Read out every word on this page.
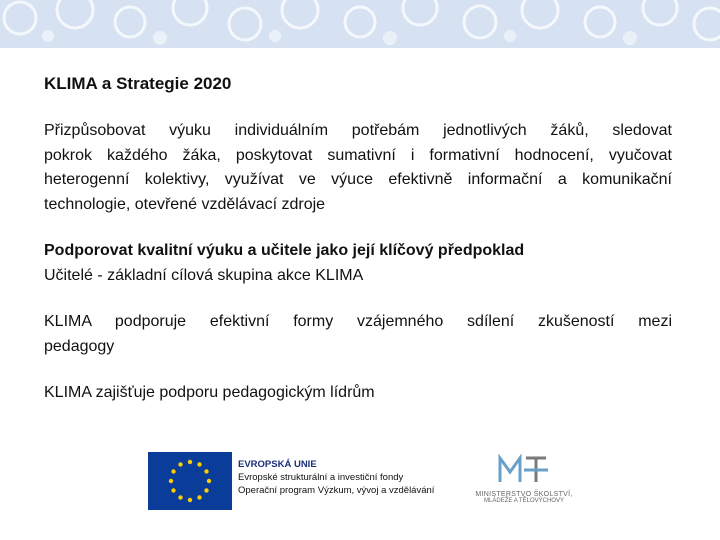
KLIMA a Strategie 2020
Přizpůsobovat výuku individuálním potřebám jednotlivých žáků, sledovat
pokrok každého žáka, poskytovat sumativní i formativní hodnocení, vyučovat
heterogenní kolektivy, využívat ve výuce efektivně informační a komunikační
technologie, otevřené vzdělávací zdroje
Podporovat kvalitní výuku a učitele jako její klíčový předpoklad
Učitelé - základní cílová skupina akce KLIMA
KLIMA podporuje efektivní formy vzájemného sdílení zkušeností mezi
pedagogy
KLIMA zajišťuje podporu pedagogickým lídrům
EVROPSKÁ UNIE
Evropské strukturální a investiční fondy
Operační program Výzkum, vývoj a vzdělávání	MINISTERSTVO ŠKOLSTVÍ,
MLÁDEŽE A TĚLOVÝCHOVY
